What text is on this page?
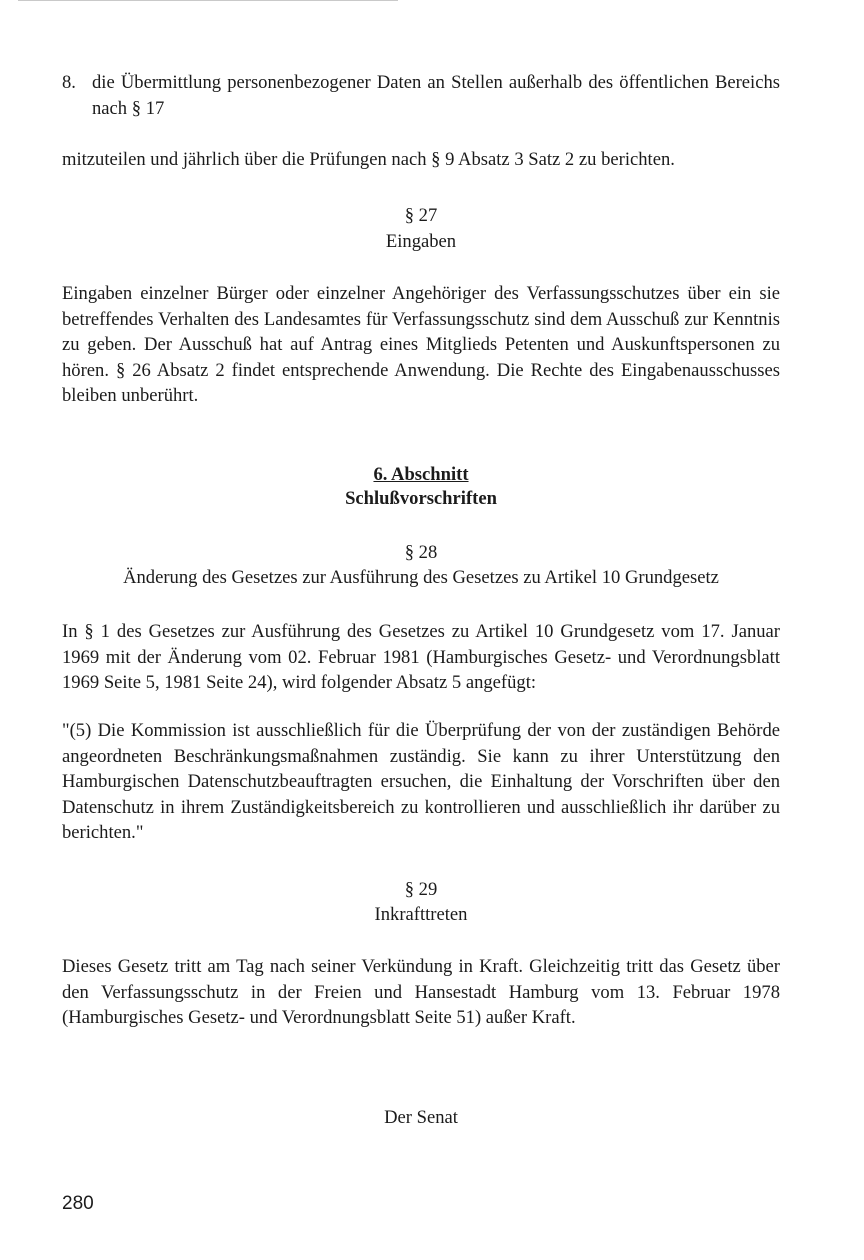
8. die Übermittlung personenbezogener Daten an Stellen außerhalb des öffentlichen Bereichs nach § 17
mitzuteilen und jährlich über die Prüfungen nach § 9 Absatz 3 Satz 2 zu berichten.
§ 27
Eingaben
Eingaben einzelner Bürger oder einzelner Angehöriger des Verfassungsschutzes über ein sie betreffendes Verhalten des Landesamtes für Verfassungsschutz sind dem Ausschuß zur Kenntnis zu geben. Der Ausschuß hat auf Antrag eines Mitglieds Petenten und Auskunftspersonen zu hören. § 26 Absatz 2 findet entsprechende Anwendung. Die Rechte des Eingabenausschusses bleiben unberührt.
6. Abschnitt
Schlußvorschriften
§ 28
Änderung des Gesetzes zur Ausführung des Gesetzes zu Artikel 10 Grundgesetz
In § 1 des Gesetzes zur Ausführung des Gesetzes zu Artikel 10 Grundgesetz vom 17. Januar 1969 mit der Änderung vom 02. Februar 1981 (Hamburgisches Gesetz- und Verordnungsblatt 1969 Seite 5, 1981 Seite 24), wird folgender Absatz 5 angefügt:
"(5) Die Kommission ist ausschließlich für die Überprüfung der von der zuständigen Behörde angeordneten Beschränkungsmaßnahmen zuständig. Sie kann zu ihrer Unterstützung den Hamburgischen Datenschutzbeauftragten ersuchen, die Einhaltung der Vorschriften über den Datenschutz in ihrem Zuständigkeitsbereich zu kontrollieren und ausschließlich ihr darüber zu berichten."
§ 29
Inkrafttreten
Dieses Gesetz tritt am Tag nach seiner Verkündung in Kraft. Gleichzeitig tritt das Gesetz über den Verfassungsschutz in der Freien und Hansestadt Hamburg vom 13. Februar 1978 (Hamburgisches Gesetz- und Verordnungsblatt Seite 51) außer Kraft.
Der Senat
280
